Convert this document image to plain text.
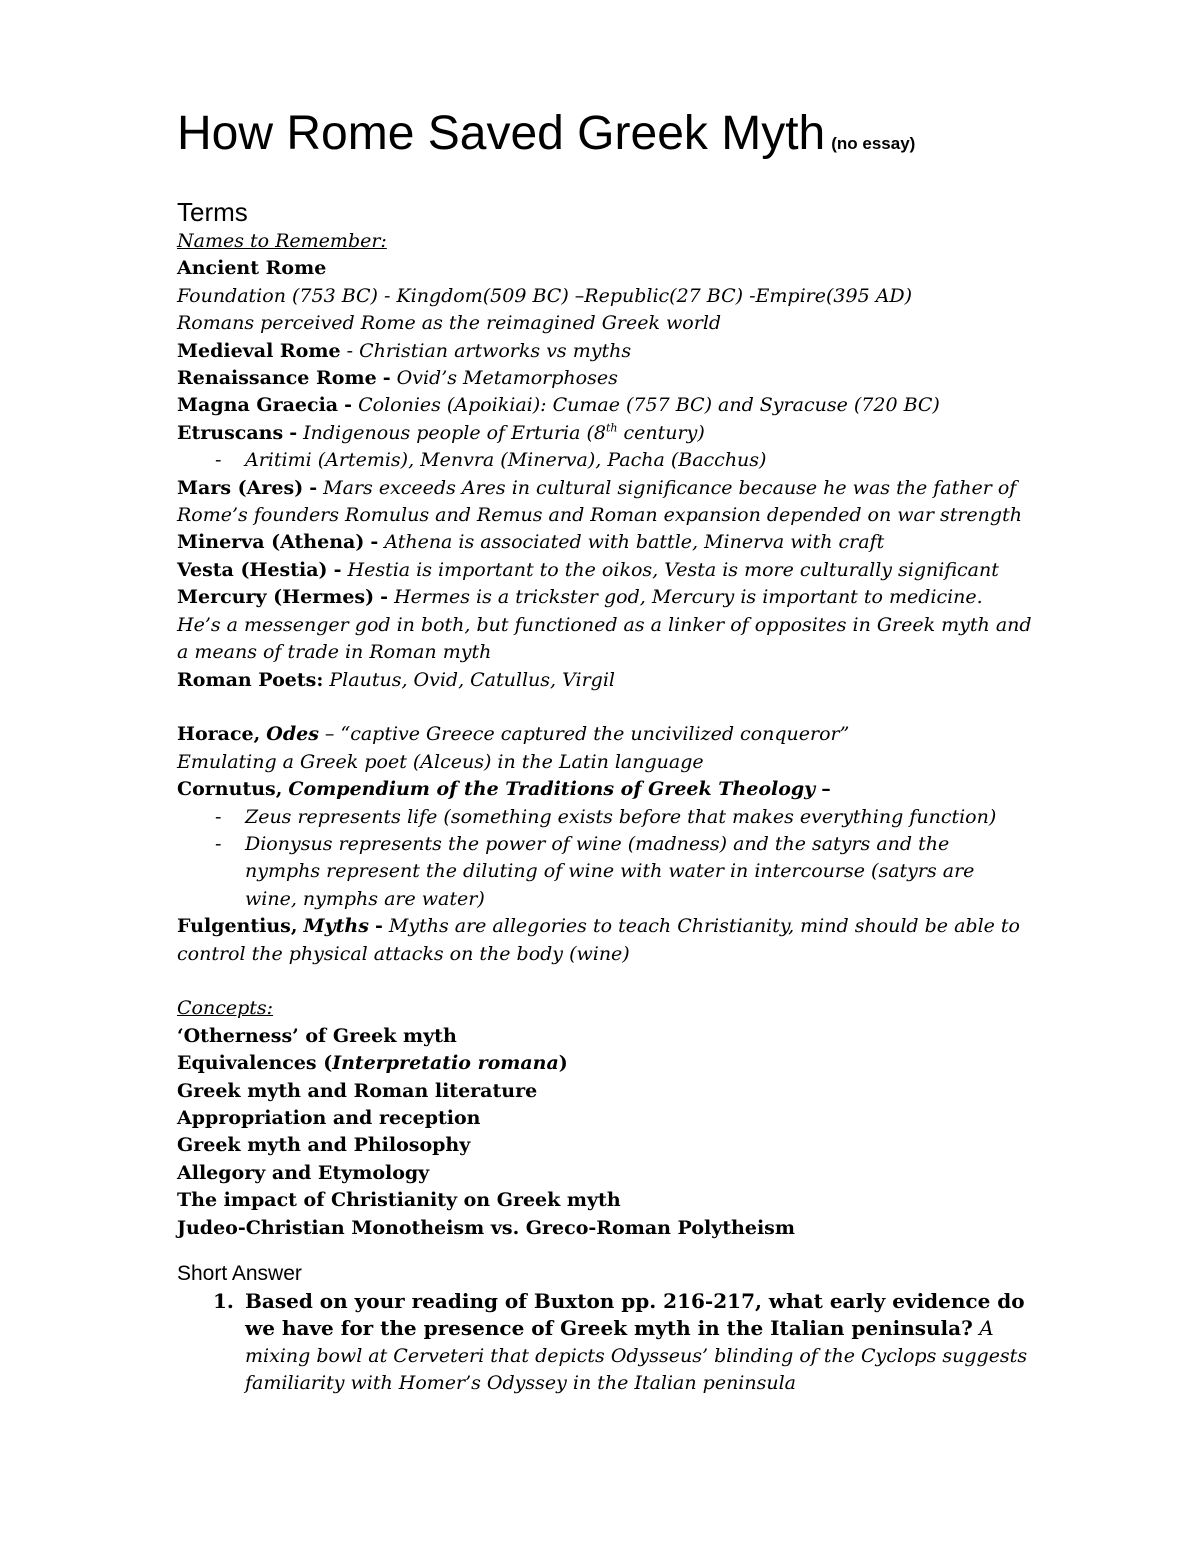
How Rome Saved Greek Myth (no essay)
Terms
Names to Remember:
Ancient Rome
Foundation (753 BC) - Kingdom(509 BC) –Republic(27 BC) -Empire(395 AD)
Romans perceived Rome as the reimagined Greek world
Medieval Rome - Christian artworks vs myths
Renaissance Rome - Ovid’s Metamorphoses
Magna Graecia - Colonies (Apoikiai): Cumae (757 BC) and Syracuse (720 BC)
Etruscans - Indigenous people of Erturia (8th century)
- Aritimi (Artemis), Menvra (Minerva), Pacha (Bacchus)
Mars (Ares) - Mars exceeds Ares in cultural significance because he was the father of
Rome’s founders Romulus and Remus and Roman expansion depended on war strength
Minerva (Athena) - Athena is associated with battle, Minerva with craft
Vesta (Hestia) - Hestia is important to the oikos, Vesta is more culturally significant
Mercury (Hermes) - Hermes is a trickster god, Mercury is important to medicine.
He’s a messenger god in both, but functioned as a linker of opposites in Greek myth and
a means of trade in Roman myth
Roman Poets: Plautus, Ovid, Catullus, Virgil
Horace, Odes – “captive Greece captured the uncivilized conqueror”
Emulating a Greek poet (Alceus) in the Latin language
Cornutus, Compendium of the Traditions of Greek Theology –
- Zeus represents life (something exists before that makes everything function)
- Dionysus represents the power of wine (madness) and the satyrs and the
nymphs represent the diluting of wine with water in intercourse (satyrs are
wine, nymphs are water)
Fulgentius, Myths - Myths are allegories to teach Christianity, mind should be able to
control the physical attacks on the body (wine)
Concepts:
‘Otherness’ of Greek myth
Equivalences (Interpretatio romana)
Greek myth and Roman literature
Appropriation and reception
Greek myth and Philosophy
Allegory and Etymology
The impact of Christianity on Greek myth
Judeo-Christian Monotheism vs. Greco-Roman Polytheism
Short Answer
1. Based on your reading of Buxton pp. 216-217, what early evidence do
we have for the presence of Greek myth in the Italian peninsula? A
mixing bowl at Cerveteri that depicts Odysseus’ blinding of the Cyclops suggests
familiarity with Homer’s Odyssey in the Italian peninsula
